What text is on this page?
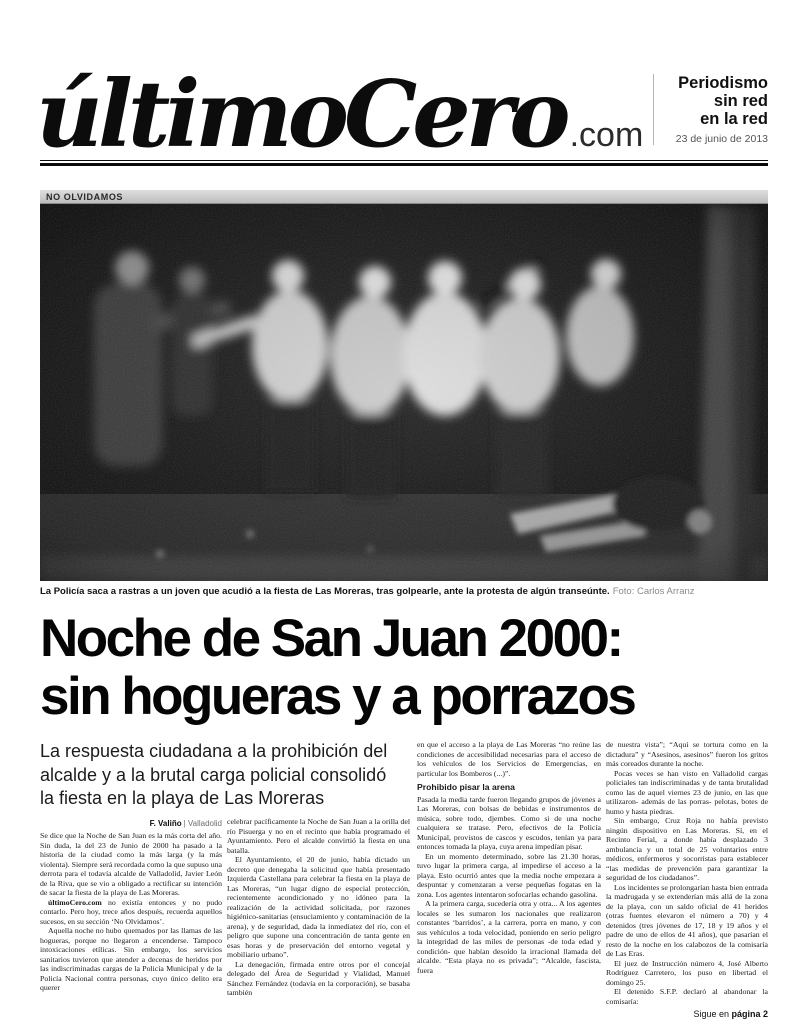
últimoCero .com
Periodismo
sin red
en la red
23 de junio de 2013
NO OLVIDAMOS
La Policía saca a rastras a un joven que acudió a la fiesta de Las Moreras, tras golpearle, ante la protesta de algún transeúnte. Foto: Carlos Arranz
Noche de San Juan 2000:
sin hogueras y a porrazos
La respuesta ciudadana a la prohibición del
alcalde y a la brutal carga policial consolidó
la fiesta en la playa de Las Moreras
F. Valiño | Valladolid

Se dice que la Noche de San Juan es la más corta del año. Sin duda, la del 23 de Junio de 2000 ha pasado a la historia de la ciudad como la más larga (y la más violenta). Siempre será recordada como la que supuso una derrota para el todavía alcalde de Valladolid, Javier León de la Riva, que se vio a obligado a rectificar su intención de sacar la fiesta de la playa de Las Moreras.

últimoCero.com no existía entonces y no pudo contarlo. Pero hoy, trece años después, recuerda aquellos sucesos, en su sección ‘No Olvidamos’.

Aquella noche no hubo quemados por las llamas de las hogueras, porque no llegaron a encenderse. Tampoco intoxicaciones etílicas. Sin embargo, los servicios sanitarios tuvieron que atender a decenas de heridos por las indiscriminadas cargas de la Policía Municipal y de la Policía Nacional contra personas, cuyo único delito era querer

celebrar pacíficamente la Noche de San Juan a la orilla del río Pisuerga y no en el recinto que había programado el Ayuntamiento. Pero el alcalde convirtió la fiesta en una batalla.

El Ayuntamiento, el 20 de junio, había dictado un decreto que denegaba la solicitud que había presentado Izquierda Castellana para celebrar la fiesta en la playa de Las Moreras, “un lugar digno de especial protección, recientemente acondicionado y no idóneo para la realización de la actividad solicitada, por razones higiénico-sanitarias (ensuciamiento y contaminación de la arena), y de seguridad, dada la inmediatez del río, con el peligro que supone una concentración de tanta gente en esas horas y de preservación del entorno vegetal y mobiliario urbano”.

La denegación, firmada entre otros por el concejal delegado del Área de Seguridad y Vialidad, Manuel Sánchez Fernández (todavía en la corporación), se basaba también

en que el acceso a la playa de Las Moreras “no reúne las condiciones de accesibilidad necesarias para el acceso de los vehículos de los Servicios de Emergencias, en particular los Bomberos (...)”.

Prohibido pisar la arena

Pasada la media tarde fueron llegando grupos de jóvenes a Las Moreras, con bolsas de bebidas e instrumentos de música, sobre todo, djembes. Como si de una noche cualquiera se tratase. Pero, efectivos de la Policía Municipal, provistos de cascos y escudos, tenían ya para entonces tomada la playa, cuya arena impedían pisar.

En un momento determinado, sobre las 21.30 horas, tuvo lugar la primera carga, al impedirse el acceso a la playa. Esto ocurrió antes que la media noche empezara a despuntar y comenzaran a verse pequeñas fogatas en la zona. Los agentes intentaron sofocarlas echando gasolina.

A la primera carga, sucedería otra y otra... A los agentes locales se les sumaron los nacionales que realizaron constantes ‘barridos’, a la carrera, porra en mano, y con sus vehículos a toda velocidad, poniendo en serio peligro la integridad de las miles de personas -de toda edad y condición- que habían desoído la irracional llamada del alcalde. “Esta playa no es privada”; “Alcalde, fascista, fuera

de nuestra vista”; “Aquí se tortura como en la dictadura” y “Asesinos, asesinos” fueron los gritos más coreados durante la noche.

Pocas veces se han visto en Valladolid cargas policiales tan indiscriminadas y de tanta brutalidad como las de aquel viernes 23 de junio, en las que utilizaron- además de las porras- pelotas, botes de humo y hasta piedras.

Sin embargo, Cruz Roja no había previsto ningún dispositivo en Las Moreras. Sí, en el Recinto Ferial, a donde había desplazado 3 ambulancia y un total de 25 voluntarios entre médicos, enfermeros y socorristas para establecer “las medidas de prevención para garantizar la seguridad de los ciudadanos”.

Los incidentes se prolongarían hasta bien entrada la madrugada y se extenderían más allá de la zona de la playa, con un saldo oficial de 41 heridos (otras fuentes elevaron el número a 70) y 4 detenidos (tres jóvenes de 17, 18 y 19 años y el padre de uno de ellos de 41 años), que pasarían el resto de la noche en los calabozos de la comisaría de Las Eras.

El juez de Instrucción número 4, José Alberto Rodríguez Carretero, los puso en libertad el domingo 25.

El detenido S.F.P. declaró al abandonar la comisaría:

Sigue en página 2
